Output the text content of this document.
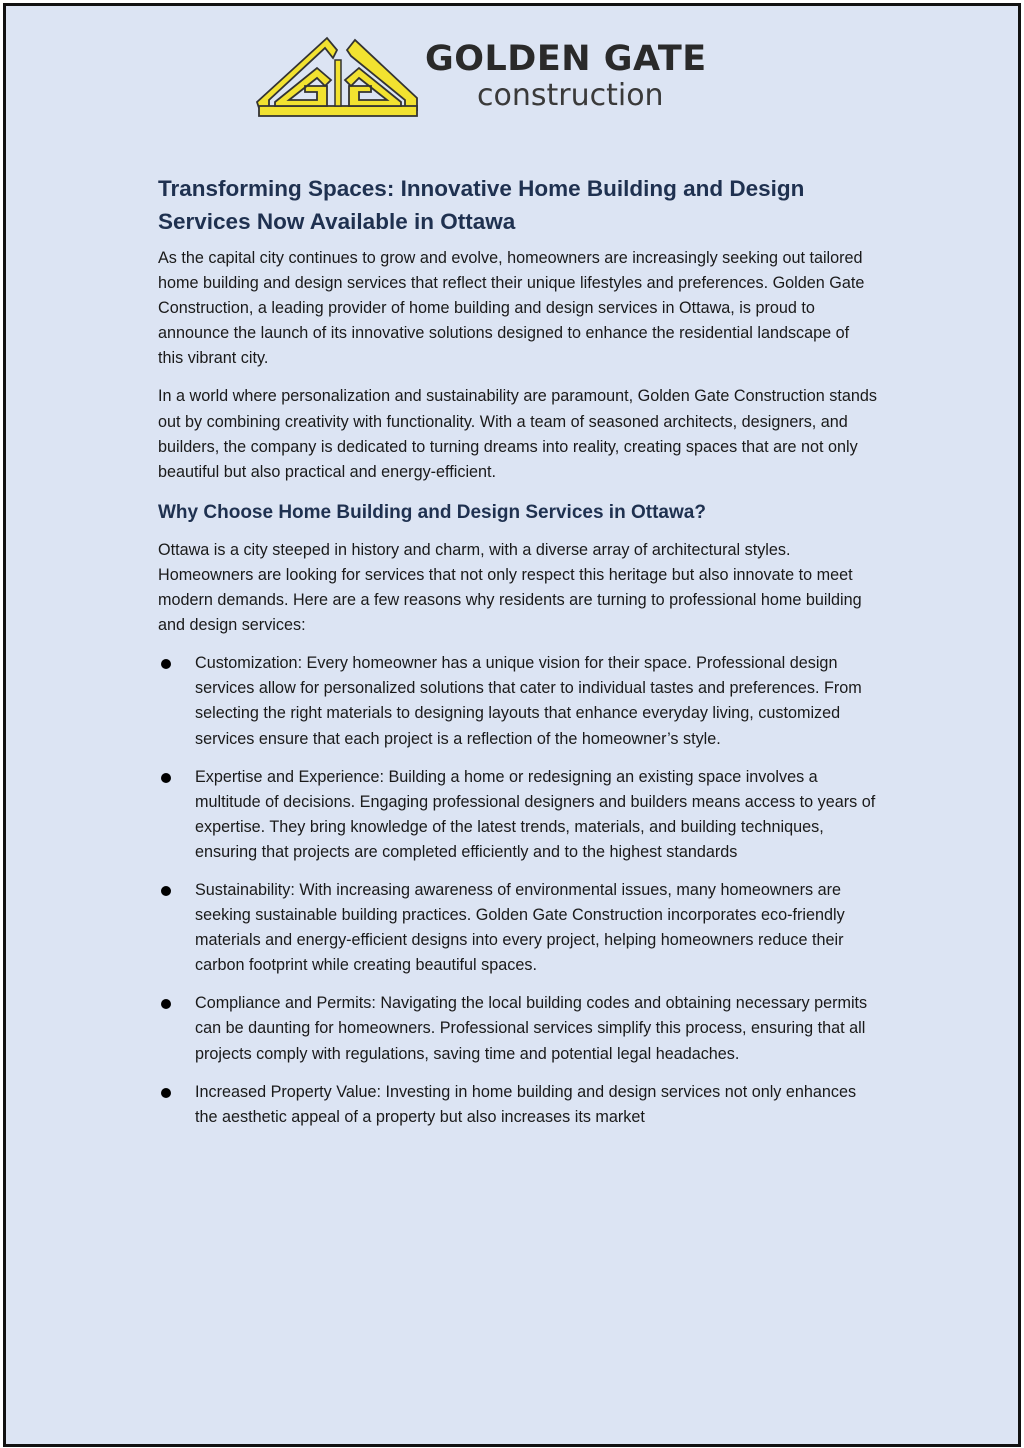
GOLDEN GATE
construction
Transforming Spaces: Innovative Home Building and Design Services Now Available in Ottawa

As the capital city continues to grow and evolve, homeowners are increasingly seeking out tailored home building and design services that reflect their unique lifestyles and preferences. Golden Gate Construction, a leading provider of home building and design services in Ottawa, is proud to announce the launch of its innovative solutions designed to enhance the residential landscape of this vibrant city.

In a world where personalization and sustainability are paramount, Golden Gate Construction stands out by combining creativity with functionality. With a team of seasoned architects, designers, and builders, the company is dedicated to turning dreams into reality, creating spaces that are not only beautiful but also practical and energy-efficient.

Why Choose Home Building and Design Services in Ottawa?

Ottawa is a city steeped in history and charm, with a diverse array of architectural styles. Homeowners are looking for services that not only respect this heritage but also innovate to meet modern demands. Here are a few reasons why residents are turning to professional home building and design services:

Customization: Every homeowner has a unique vision for their space. Professional design services allow for personalized solutions that cater to individual tastes and preferences. From selecting the right materials to designing layouts that enhance everyday living, customized services ensure that each project is a reflection of the homeowner’s style.
Expertise and Experience: Building a home or redesigning an existing space involves a multitude of decisions. Engaging professional designers and builders means access to years of expertise. They bring knowledge of the latest trends, materials, and building techniques, ensuring that projects are completed efficiently and to the highest standards
Sustainability: With increasing awareness of environmental issues, many homeowners are seeking sustainable building practices. Golden Gate Construction incorporates eco-friendly materials and energy-efficient designs into every project, helping homeowners reduce their carbon footprint while creating beautiful spaces.
Compliance and Permits: Navigating the local building codes and obtaining necessary permits can be daunting for homeowners. Professional services simplify this process, ensuring that all projects comply with regulations, saving time and potential legal headaches.
Increased Property Value: Investing in home building and design services not only enhances the aesthetic appeal of a property but also increases its market
